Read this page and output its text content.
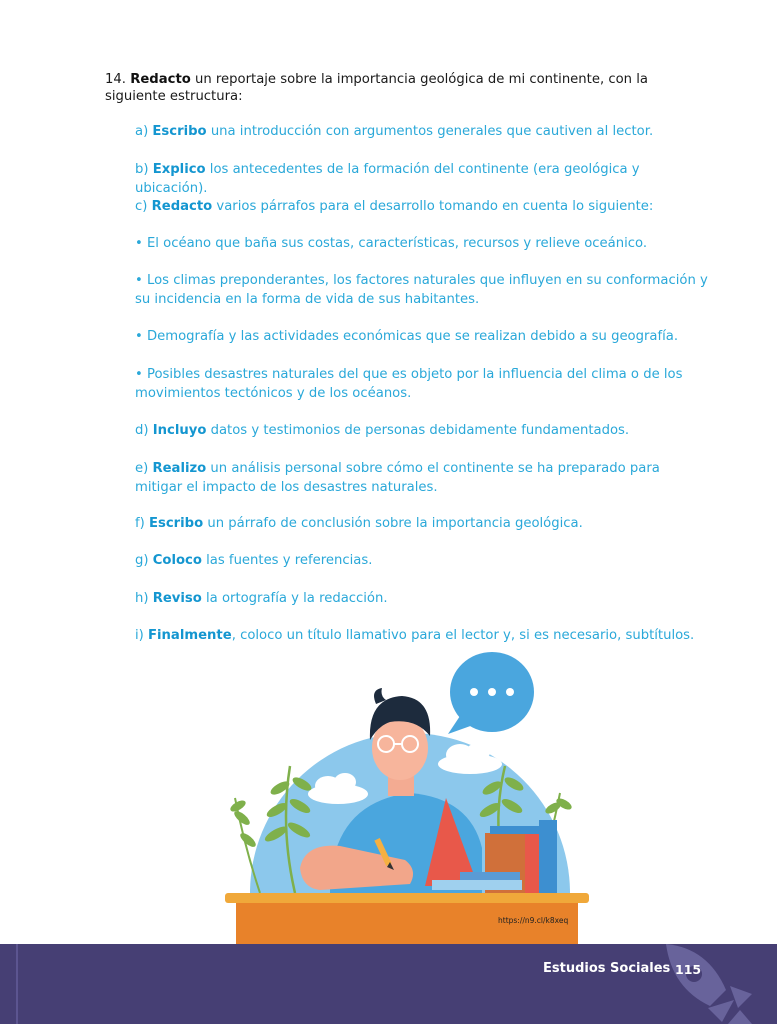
14. Redacto un reportaje sobre la importancia geológica de mi continente, con la siguiente estructura:
a) Escribo una introducción con argumentos generales que cautiven al lector.
b) Explico los antecedentes de la formación del continente (era geológica y ubicación).
c) Redacto varios párrafos para el desarrollo tomando en cuenta lo siguiente:
• El océano que baña sus costas, características, recursos y relieve oceánico.
• Los climas preponderantes, los factores naturales que influyen en su conformación y su incidencia en la forma de vida de sus habitantes.
• Demografía y las actividades económicas que se realizan debido a su geografía.
• Posibles desastres naturales del que es objeto por la influencia del clima o de los movimientos tectónicos y de los océanos.
d) Incluyo datos y testimonios de personas debidamente fundamentados.
e) Realizo un análisis personal sobre cómo el continente se ha preparado para mitigar el impacto de los desastres naturales.
f) Escribo un párrafo de conclusión sobre la importancia geológica.
g) Coloco las fuentes y referencias.
h) Reviso la ortografía y la redacción.
i) Finalmente, coloco un título llamativo para el lector y, si es necesario, subtítulos.
https://n9.cl/k8xeq
Estudios Sociales 115
